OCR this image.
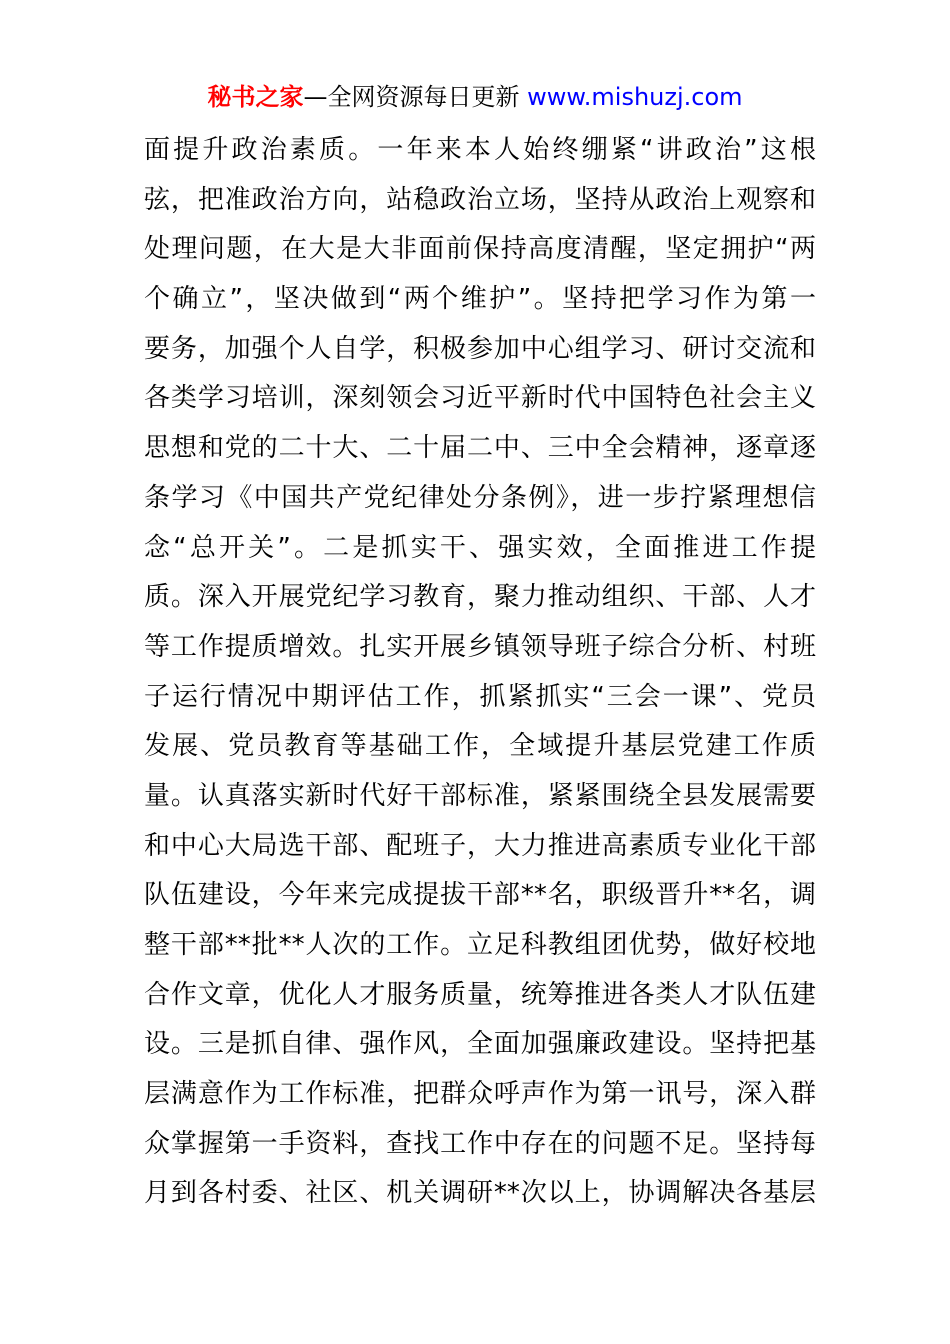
秘书之家—全网资源每日更新 www.mishuzj.com
面提升政治素质。一年来本人始终绷紧“讲政治”这根
弦，把准政治方向，站稳政治立场，坚持从政治上观察和
处理问题，在大是大非面前保持高度清醒，坚定拥护“两
个确立”，坚决做到“两个维护”。坚持把学习作为第一
要务，加强个人自学，积极参加中心组学习、研讨交流和
各类学习培训，深刻领会习近平新时代中国特色社会主义
思想和党的二十大、二十届二中、三中全会精神，逐章逐
条学习《中国共产党纪律处分条例》，进一步拧紧理想信
念“总开关”。二是抓实干、强实效，全面推进工作提
质。深入开展党纪学习教育，聚力推动组织、干部、人才
等工作提质增效。扎实开展乡镇领导班子综合分析、村班
子运行情况中期评估工作，抓紧抓实“三会一课”、党员
发展、党员教育等基础工作，全域提升基层党建工作质
量。认真落实新时代好干部标准，紧紧围绕全县发展需要
和中心大局选干部、配班子，大力推进高素质专业化干部
队伍建设，今年来完成提拔干部**名，职级晋升**名，调
整干部**批**人次的工作。立足科教组团优势，做好校地
合作文章，优化人才服务质量，统筹推进各类人才队伍建
设。三是抓自律、强作风，全面加强廉政建设。坚持把基
层满意作为工作标准，把群众呼声作为第一讯号，深入群
众掌握第一手资料，查找工作中存在的问题不足。坚持每
月到各村委、社区、机关调研**次以上，协调解决各基层
